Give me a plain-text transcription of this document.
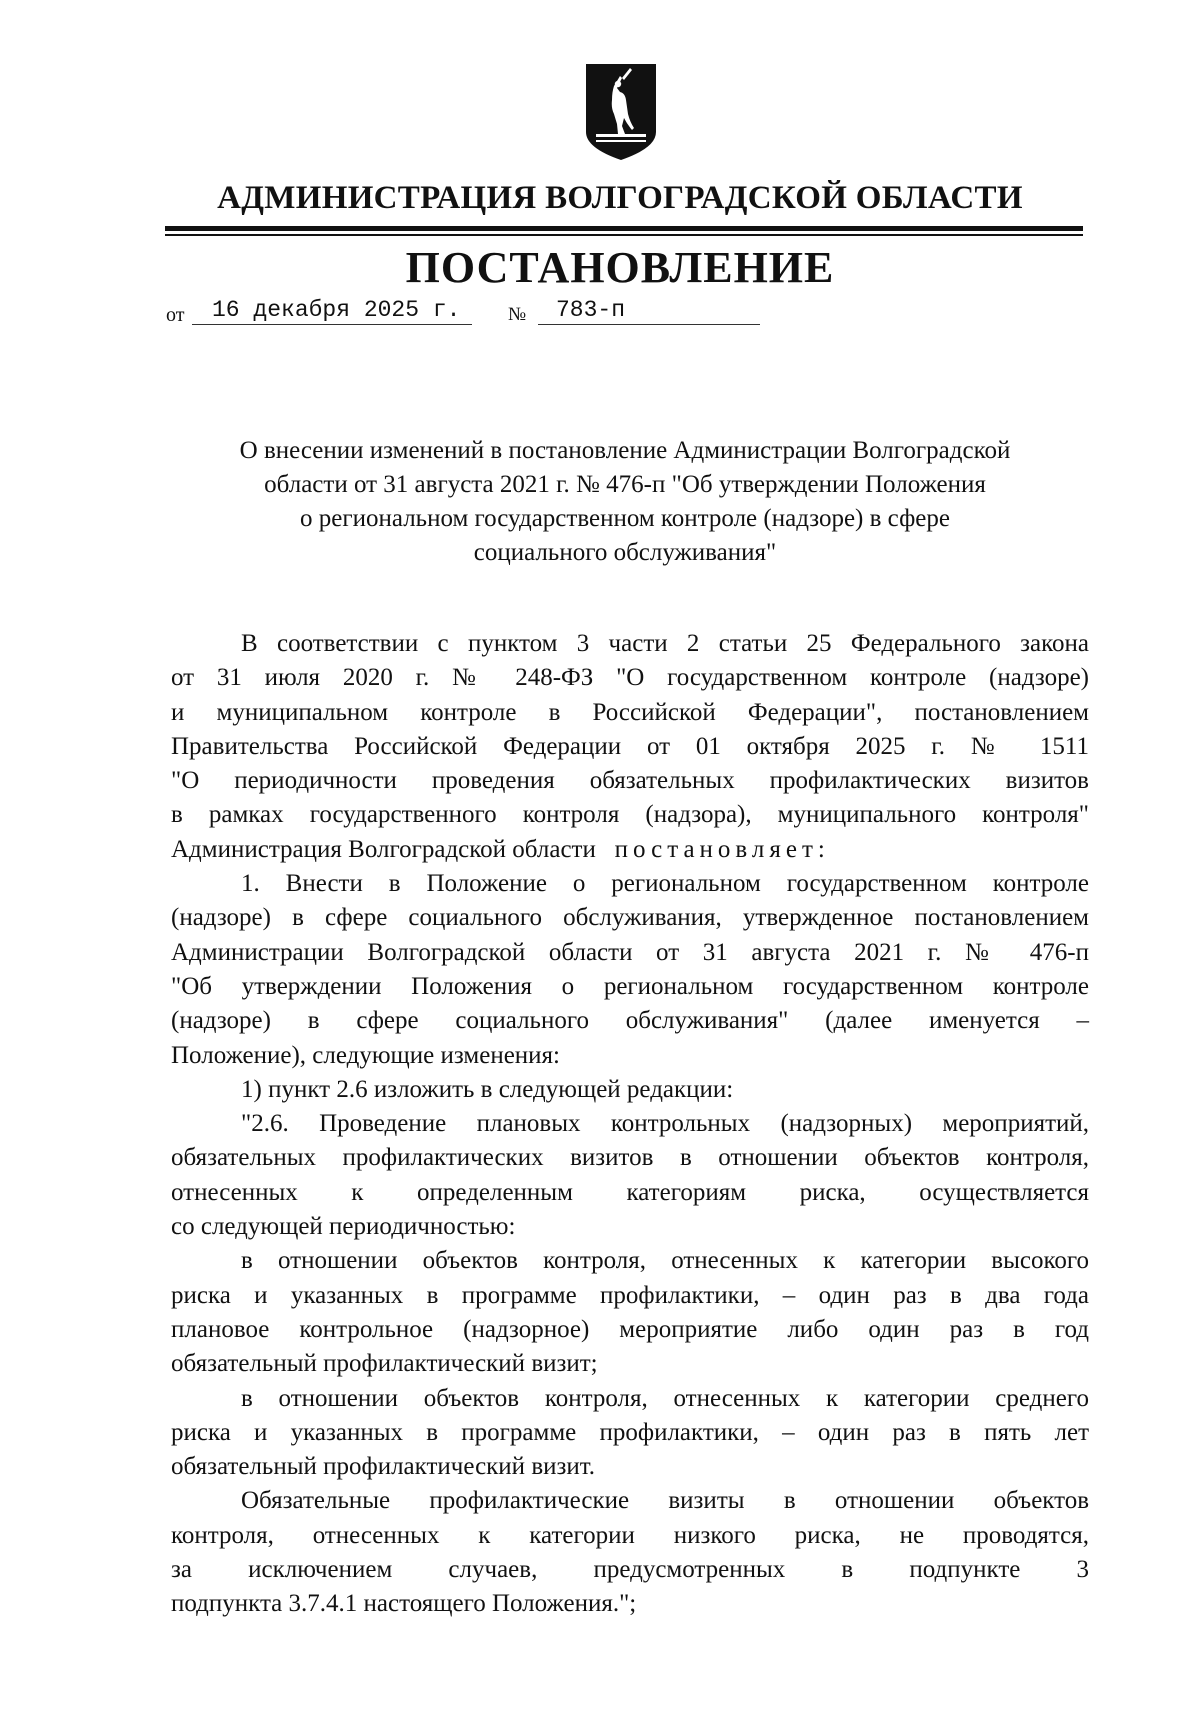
АДМИНИСТРАЦИЯ ВОЛГОГРАДСКОЙ ОБЛАСТИ
ПОСТАНОВЛЕНИЕ
от	16 декабря 2025 г.	№	783-п
О внесении изменений в постановление Администрации Волгоградской
области от 31 августа 2021 г. № 476-п "Об утверждении Положения
о региональном государственном контроле (надзоре) в сфере
социального обслуживания"
В соответствии с пунктом 3 части 2 статьи 25 Федерального закона
от 31 июля 2020 г. № 248-ФЗ "О государственном контроле (надзоре)
и муниципальном контроле в Российской Федерации", постановлением
Правительства Российской Федерации от 01 октября 2025 г. № 1511
"О периодичности проведения обязательных профилактических визитов
в рамках государственного контроля (надзора), муниципального контроля"
Администрация Волгоградской области постановляет:
1. Внести в Положение о региональном государственном контроле
(надзоре) в сфере социального обслуживания, утвержденное постановлением
Администрации Волгоградской области от 31 августа 2021 г. № 476-п
"Об утверждении Положения о региональном государственном контроле
(надзоре) в сфере социального обслуживания" (далее именуется –
Положение), следующие изменения:
1) пункт 2.6 изложить в следующей редакции:
"2.6. Проведение плановых контрольных (надзорных) мероприятий,
обязательных профилактических визитов в отношении объектов контроля,
отнесенных к определенным категориям риска, осуществляется
со следующей периодичностью:
в отношении объектов контроля, отнесенных к категории высокого
риска и указанных в программе профилактики, – один раз в два года
плановое контрольное (надзорное) мероприятие либо один раз в год
обязательный профилактический визит;
в отношении объектов контроля, отнесенных к категории среднего
риска и указанных в программе профилактики, – один раз в пять лет
обязательный профилактический визит.
Обязательные профилактические визиты в отношении объектов
контроля, отнесенных к категории низкого риска, не проводятся,
за исключением случаев, предусмотренных в подпункте 3
подпункта 3.7.4.1 настоящего Положения.";
